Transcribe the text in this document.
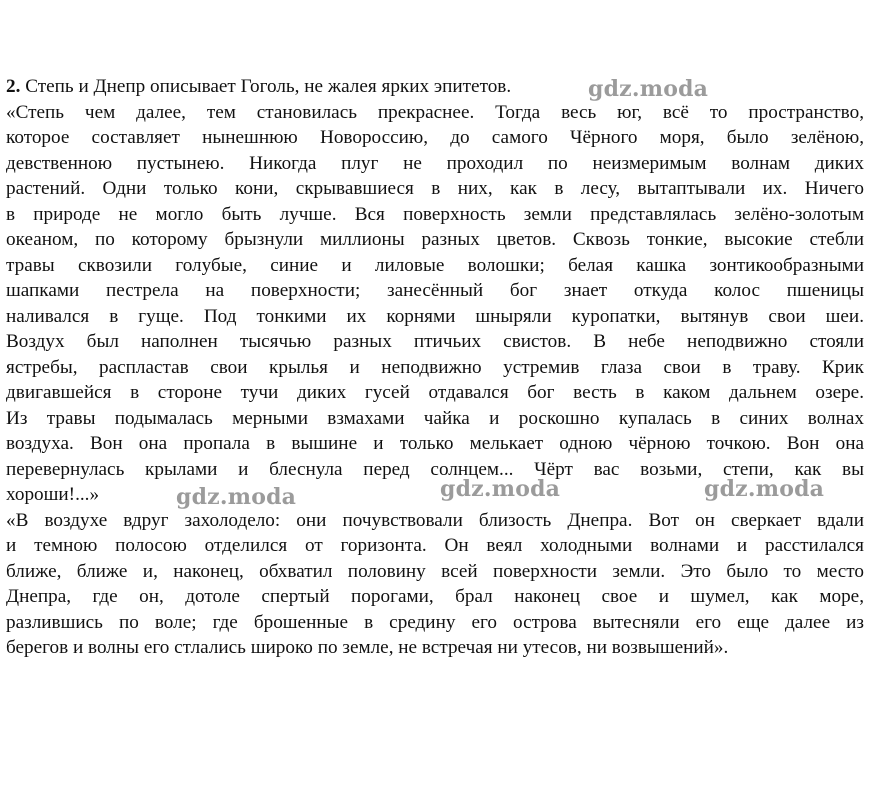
2. Степь и Днепр описывает Гоголь, не жалея ярких эпитетов.
«Степь чем далее, тем становилась прекраснее. Тогда весь юг, всё то пространство,
которое составляет нынешнюю Новороссию, до самого Чёрного моря, было зелёною,
девственною пустынею. Никогда плуг не проходил по неизмеримым волнам диких
растений. Одни только кони, скрывавшиеся в них, как в лесу, вытаптывали их. Ничего
в природе не могло быть лучше. Вся поверхность земли представлялась зелёно-золотым
океаном, по которому брызнули миллионы разных цветов. Сквозь тонкие, высокие стебли
травы сквозили голубые, синие и лиловые волошки; белая кашка зонтикообразными
шапками пестрела на поверхности; занесённый бог знает откуда колос пшеницы
наливался в гуще. Под тонкими их корнями шныряли куропатки, вытянув свои шеи.
Воздух был наполнен тысячью разных птичьих свистов. В небе неподвижно стояли
ястребы, распластав свои крылья и неподвижно устремив глаза свои в траву. Крик
двигавшейся в стороне тучи диких гусей отдавался бог весть в каком дальнем озере.
Из травы подымалась мерными взмахами чайка и роскошно купалась в синих волнах
воздуха. Вон она пропала в вышине и только мелькает одною чёрною точкою. Вон она
перевернулась крылами и блеснула перед солнцем... Чёрт вас возьми, степи, как вы
хороши!...»
«В воздухе вдруг захолодело: они почувствовали близость Днепра. Вот он сверкает вдали
и темною полосою отделился от горизонта. Он веял холодными волнами и расстилался
ближе, ближе и, наконец, обхватил половину всей поверхности земли. Это было то место
Днепра, где он, дотоле спертый порогами, брал наконец свое и шумел, как море,
разлившись по воле; где брошенные в средину его острова вытесняли его еще далее из
берегов и волны его стлались широко по земле, не встречая ни утесов, ни возвышений».
gdz.moda
gdz.moda	gdz.moda	gdz.moda
